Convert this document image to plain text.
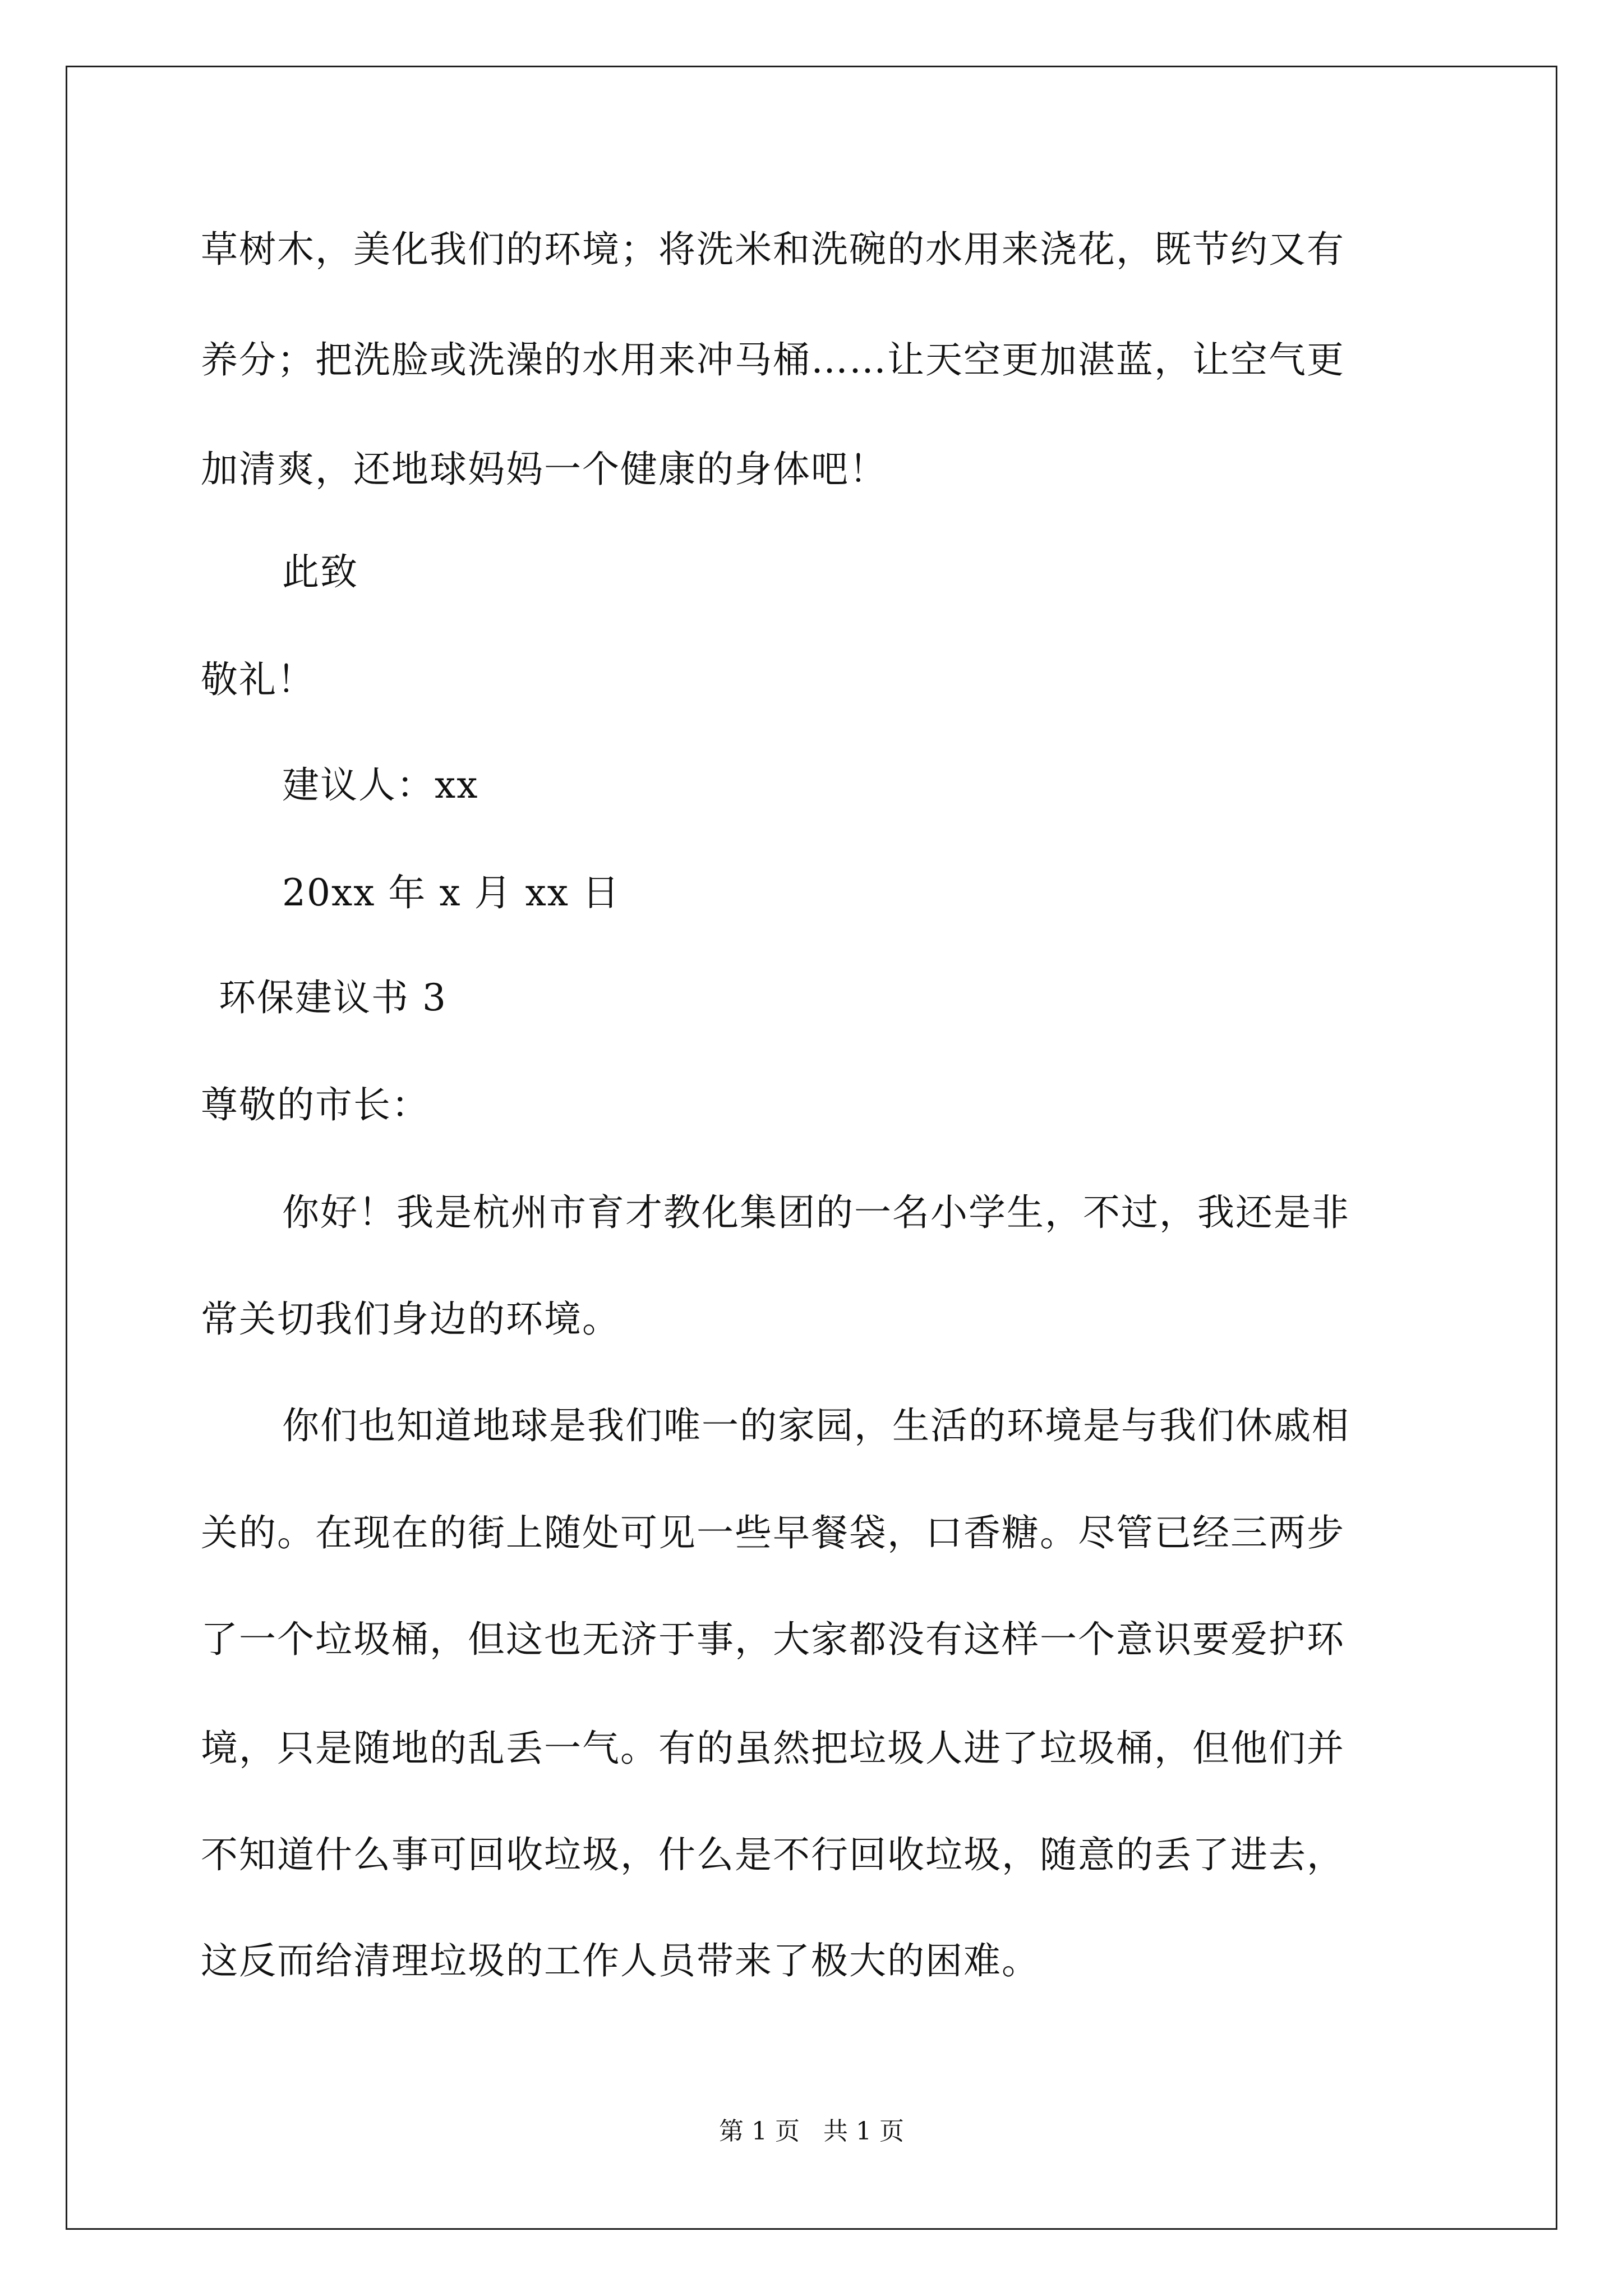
草树木，美化我们的环境；将洗米和洗碗的水用来浇花，既节约又有
养分；把洗脸或洗澡的水用来冲马桶……让天空更加湛蓝，让空气更
加清爽，还地球妈妈一个健康的身体吧！
此致
敬礼！
建议人：xx
20xx 年 x 月 xx 日
环保建议书 3
尊敬的市长：
你好！我是杭州市育才教化集团的一名小学生，不过，我还是非
常关切我们身边的环境。
你们也知道地球是我们唯一的家园，生活的环境是与我们休戚相
关的。在现在的街上随处可见一些早餐袋，口香糖。尽管已经三两步
了一个垃圾桶，但这也无济于事，大家都没有这样一个意识要爱护环
境，只是随地的乱丢一气。有的虽然把垃圾人进了垃圾桶，但他们并
不知道什么事可回收垃圾，什么是不行回收垃圾，随意的丢了进去，
这反而给清理垃圾的工作人员带来了极大的困难。
第 1 页   共 1 页
